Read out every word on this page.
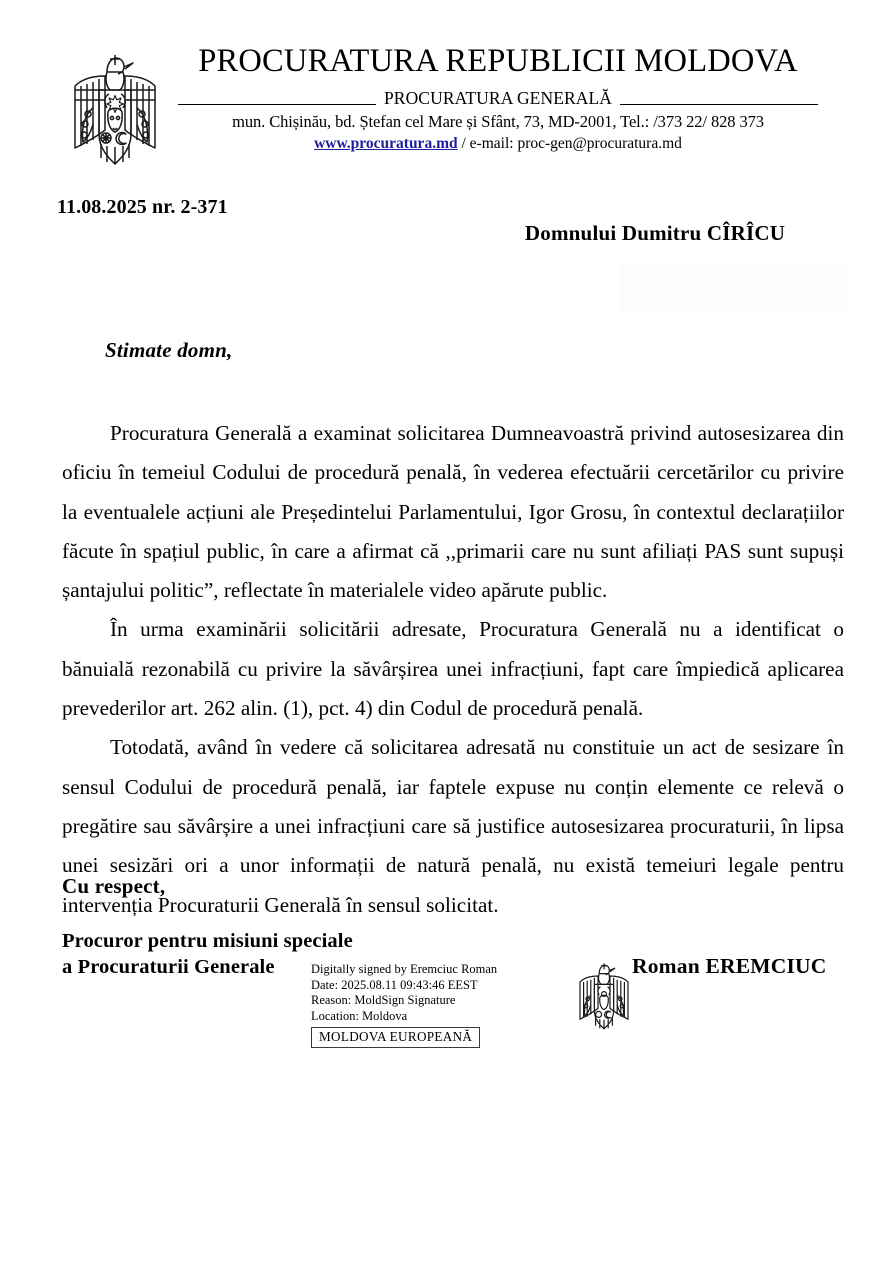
PROCURATURA REPUBLICII MOLDOVA
PROCURATURA GENERALĂ
mun. Chișinău, bd. Ștefan cel Mare și Sfânt, 73, MD-2001, Tel.: /373 22/ 828 373
www.procuratura.md / e-mail: proc-gen@procuratura.md
11.08.2025 nr. 2-371
Domnului Dumitru CÎRÎCU
Stimate domn,

Procuratura Generală a examinat solicitarea Dumneavoastră privind autosesizarea din oficiu în temeiul Codului de procedură penală, în vederea efectuării cercetărilor cu privire la eventualele acțiuni ale Președintelui Parlamentului, Igor Grosu, în contextul declarațiilor făcute în spațiul public, în care a afirmat că ,,primarii care nu sunt afiliați PAS sunt supuși șantajului politic”, reflectate în materialele video apărute public.

În urma examinării solicitării adresate, Procuratura Generală nu a identificat o bănuială rezonabilă cu privire la săvârșirea unei infracțiuni, fapt care împiedică aplicarea prevederilor art. 262 alin. (1), pct. 4) din Codul de procedură penală.

Totodată, având în vedere că solicitarea adresată nu constituie un act de sesizare în sensul Codului de procedură penală, iar faptele expuse nu conțin elemente ce relevă o pregătire sau săvârșire a unei infracțiuni care să justifice autosesizarea procuraturii, în lipsa unei sesizări ori a unor informații de natură penală, nu există temeiuri legale pentru intervenția Procuraturii Generală în sensul solicitat.

Cu respect,
Procuror pentru misiuni speciale
a Procuraturii Generale	Digitally signed by Eremciuc Roman
Date: 2025.08.11 09:43:46 EEST
Reason: MoldSign Signature
Location: Moldova
MOLDOVA EUROPEANĂ
Roman EREMCIUC
